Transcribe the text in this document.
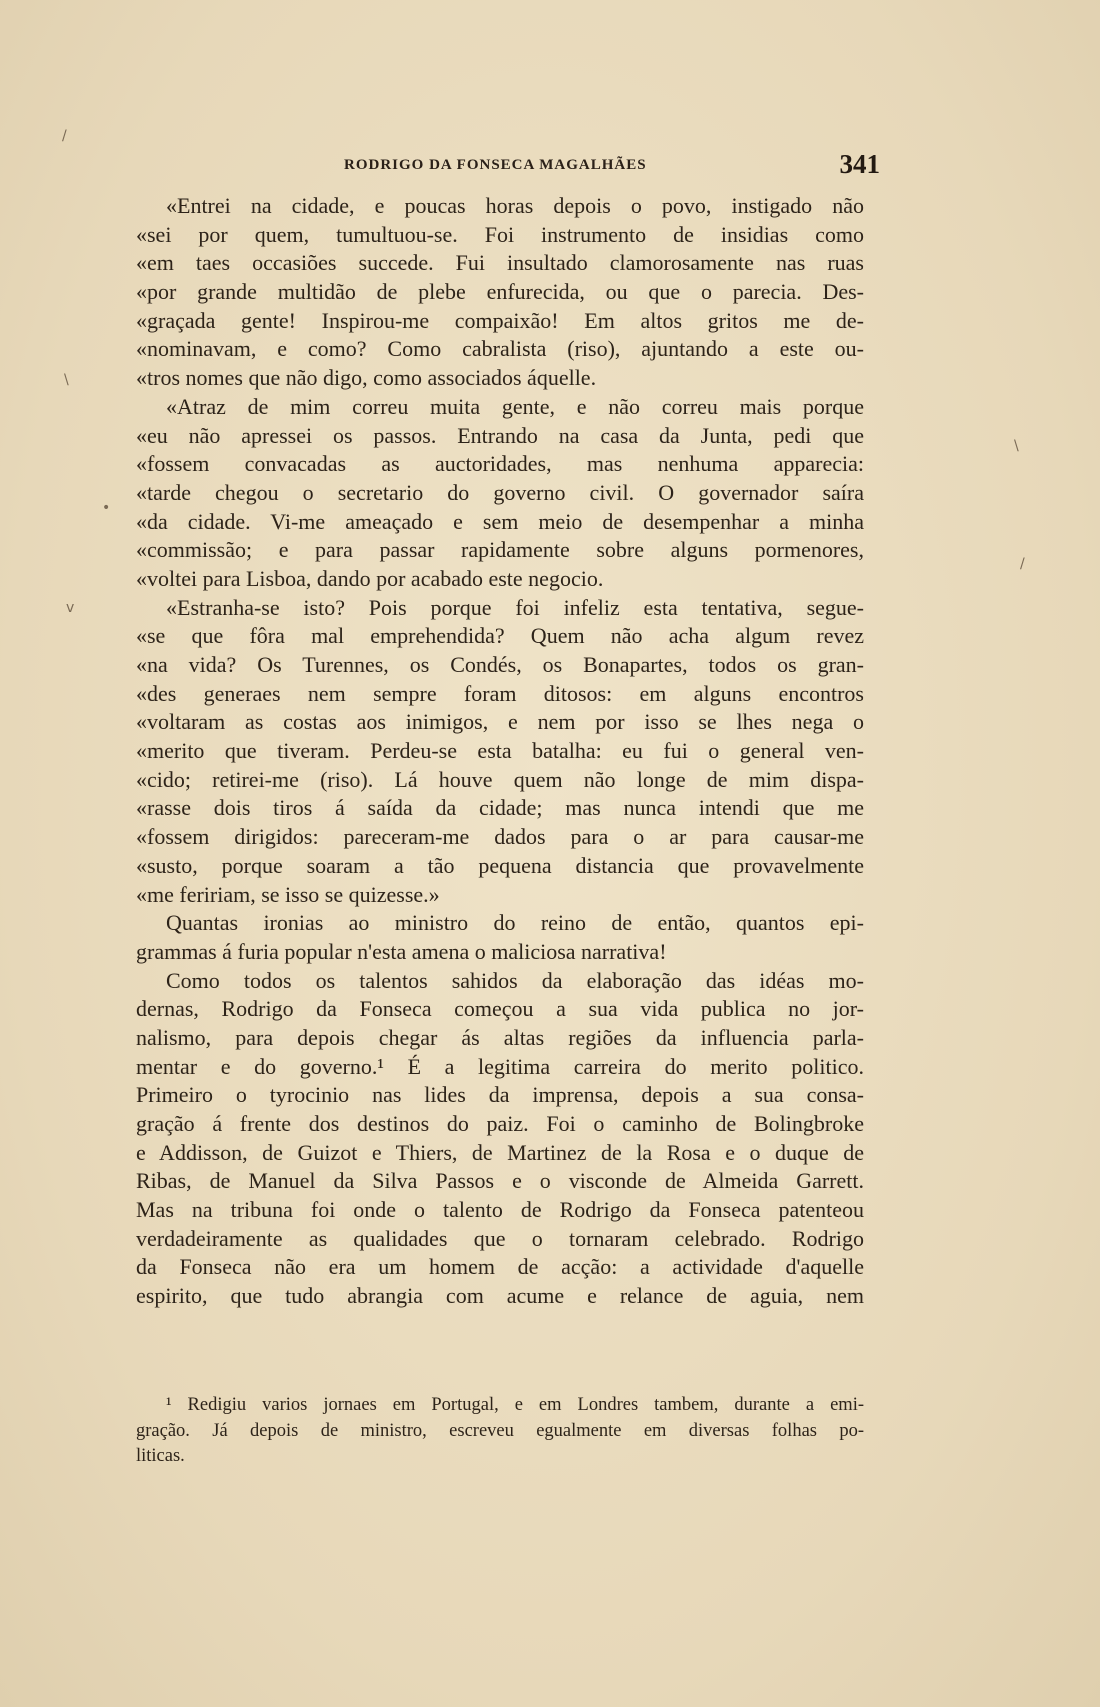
RODRIGO DA FONSECA MAGALHÃES	341
«Entrei na cidade, e poucas horas depois o povo, instigado não
«sei por quem, tumultuou-se. Foi instrumento de insidias como
«em taes occasiões succede. Fui insultado clamorosamente nas ruas
«por grande multidão de plebe enfurecida, ou que o parecia. Des-
«graçada gente! Inspirou-me compaixão! Em altos gritos me de-
«nominavam, e como? Como cabralista (riso), ajuntando a este ou-
«tros nomes que não digo, como associados áquelle.
«Atraz de mim correu muita gente, e não correu mais porque
«eu não apressei os passos. Entrando na casa da Junta, pedi que
«fossem convacadas as auctoridades, mas nenhuma apparecia:
«tarde chegou o secretario do governo civil. O governador saíra
«da cidade. Vi-me ameaçado e sem meio de desempenhar a minha
«commissão; e para passar rapidamente sobre alguns pormenores,
«voltei para Lisboa, dando por acabado este negocio.
«Estranha-se isto? Pois porque foi infeliz esta tentativa, segue-
«se que fôra mal emprehendida? Quem não acha algum revez
«na vida? Os Turennes, os Condés, os Bonapartes, todos os gran-
«des generaes nem sempre foram ditosos: em alguns encontros
«voltaram as costas aos inimigos, e nem por isso se lhes nega o
«merito que tiveram. Perdeu-se esta batalha: eu fui o general ven-
«cido; retirei-me (riso). Lá houve quem não longe de mim dispa-
«rasse dois tiros á saída da cidade; mas nunca intendi que me
«fossem dirigidos: pareceram-me dados para o ar para causar-me
«susto, porque soaram a tão pequena distancia que provavelmente
«me feririam, se isso se quizesse.»
Quantas ironias ao ministro do reino de então, quantos epi-
grammas á furia popular n'esta amena o maliciosa narrativa!
Como todos os talentos sahidos da elaboração das idéas mo-
dernas, Rodrigo da Fonseca começou a sua vida publica no jor-
nalismo, para depois chegar ás altas regiões da influencia parla-
mentar e do governo.¹ É a legitima carreira do merito politico.
Primeiro o tyrocinio nas lides da imprensa, depois a sua consa-
gração á frente dos destinos do paiz. Foi o caminho de Bolingbroke
e Addisson, de Guizot e Thiers, de Martinez de la Rosa e o duque de
Ribas, de Manuel da Silva Passos e o visconde de Almeida Garrett.
Mas na tribuna foi onde o talento de Rodrigo da Fonseca patenteou
verdadeiramente as qualidades que o tornaram celebrado. Rodrigo
da Fonseca não era um homem de acção: a actividade d'aquelle
espirito, que tudo abrangia com acume e relance de aguia, nem
¹ Redigiu varios jornaes em Portugal, e em Londres tambem, durante a emi-
gração. Já depois de ministro, escreveu egualmente em diversas folhas po-
liticas.
/
\
•
v
/
\
